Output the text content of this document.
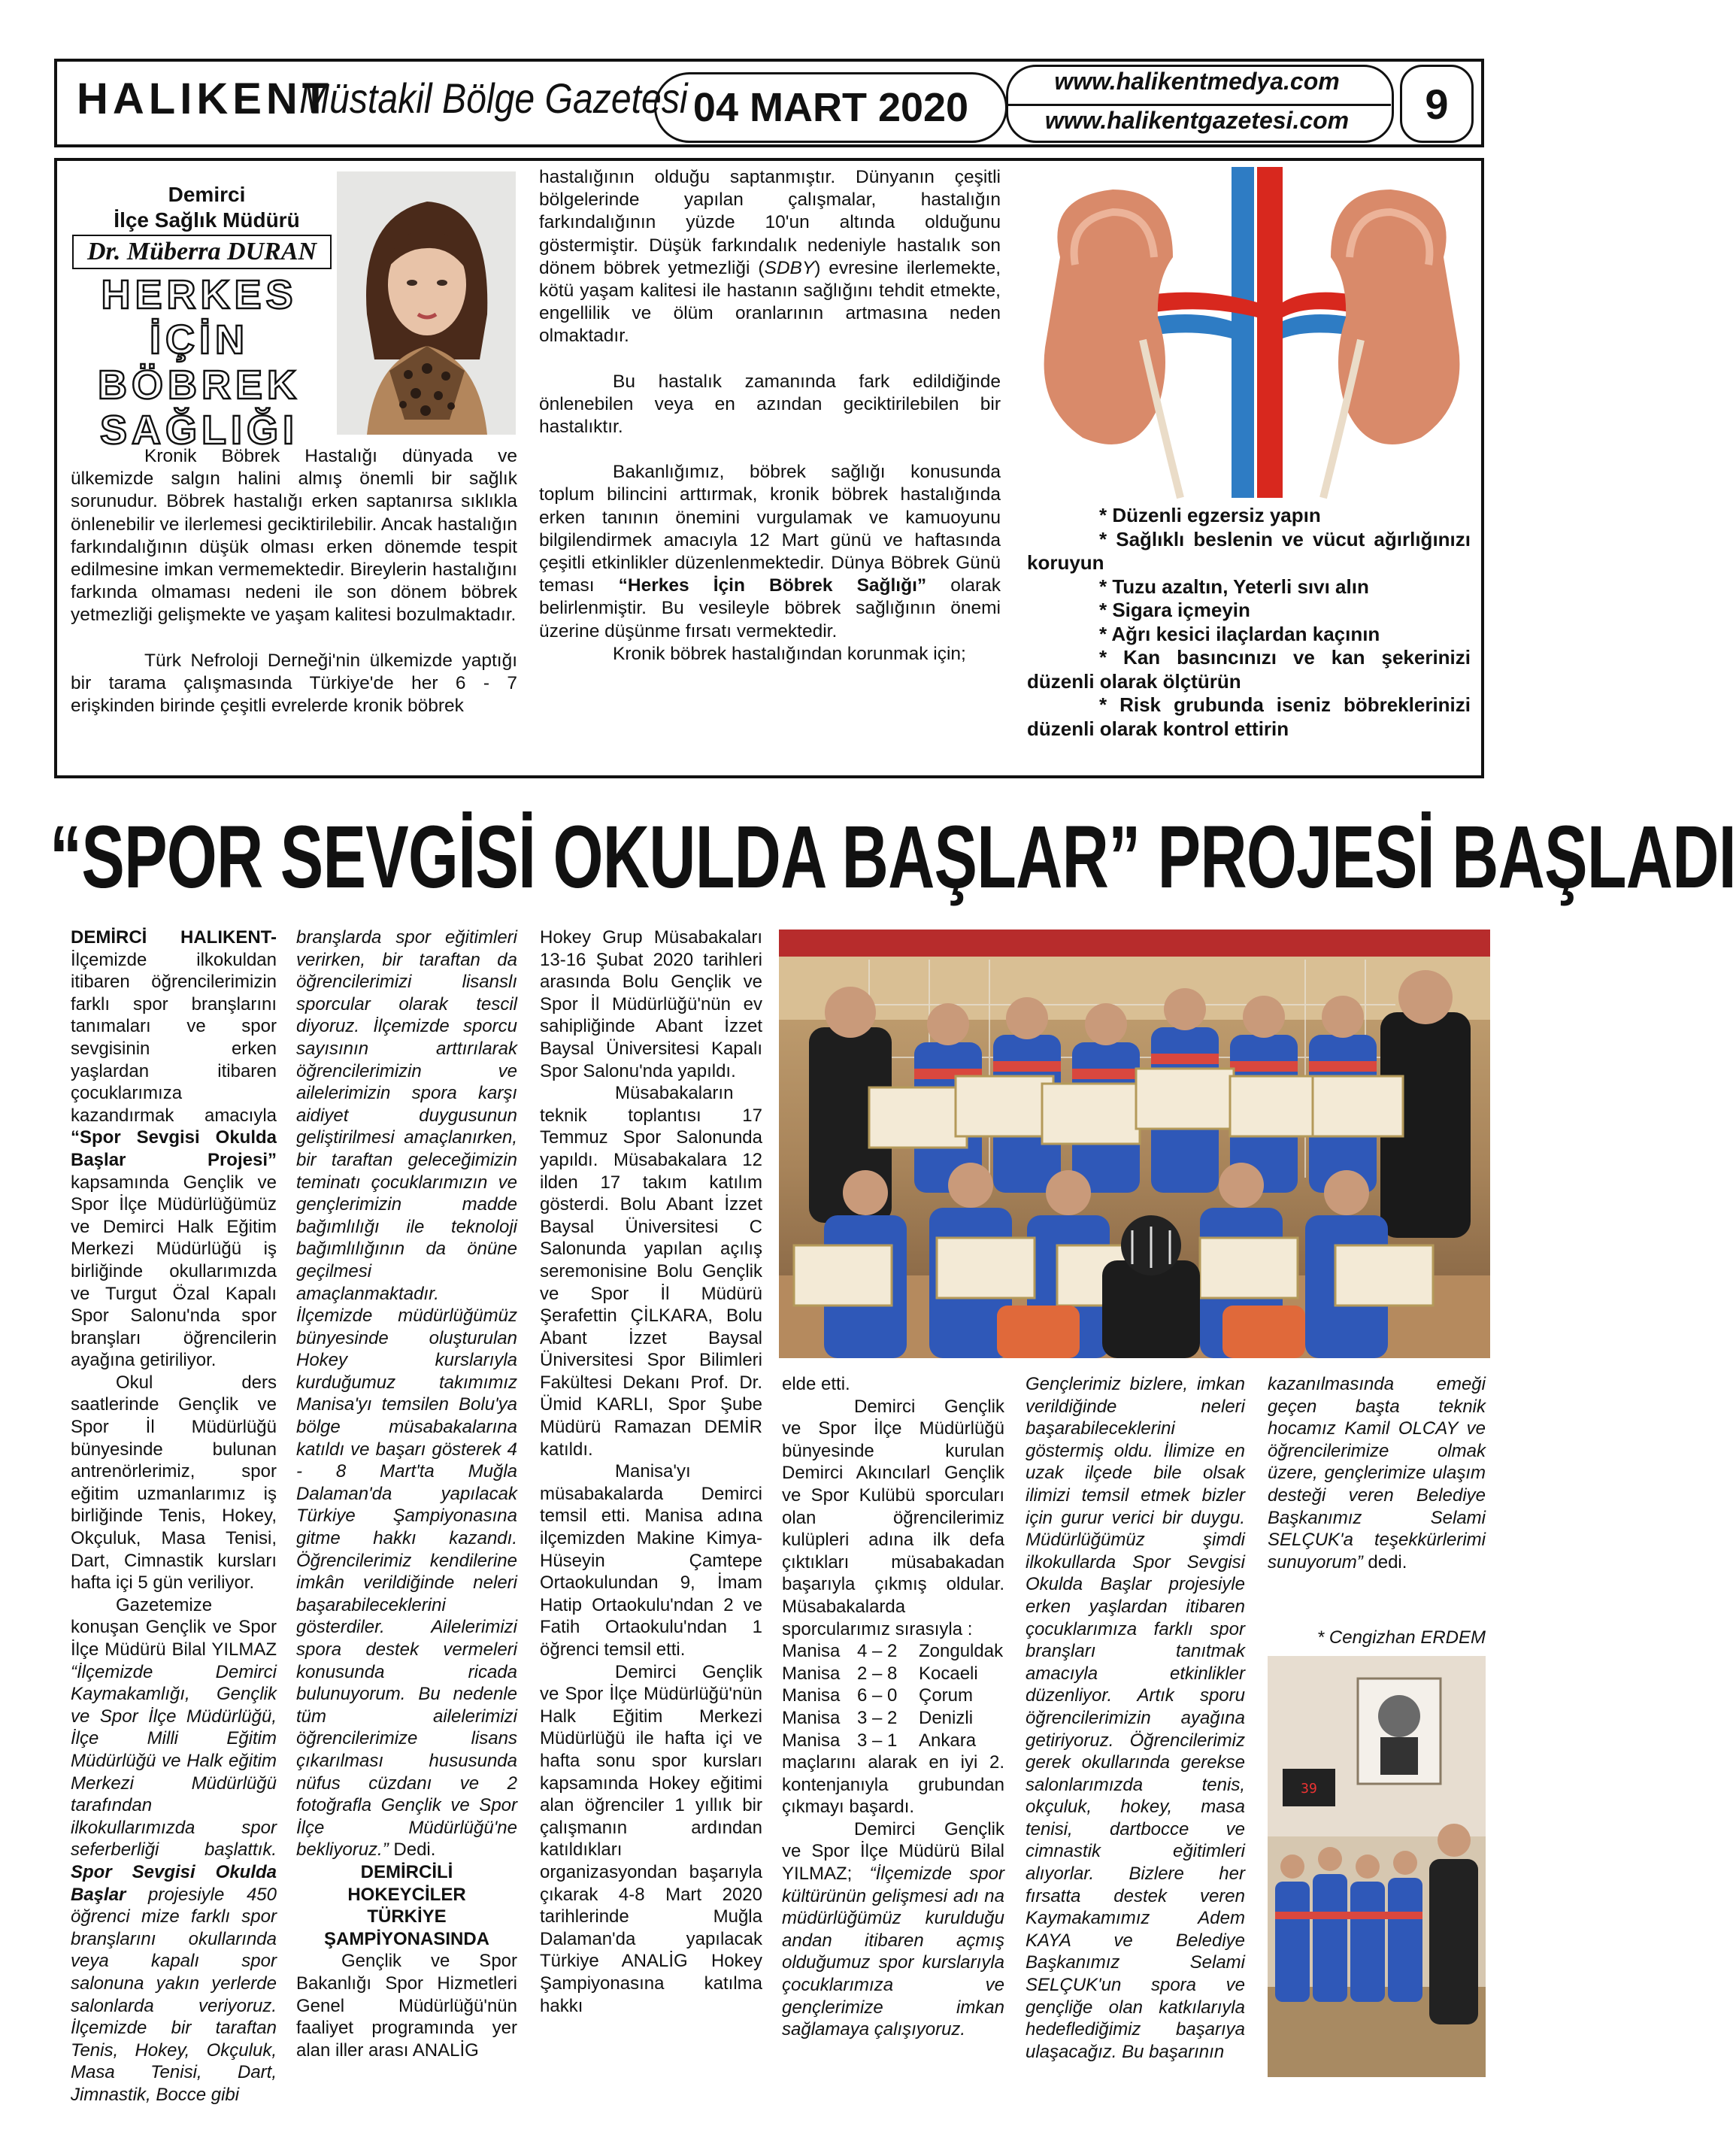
HALIKENT
Müstakil Bölge Gazetesi 04 MART 2020
www.halikentmedya.com
www.halikentgazetesi.com	9
Demirci
İlçe Sağlık Müdürü
Dr. Müberra DURAN
HERKES
İÇİN
BÖBREK
SAĞLIĞI

Kronik Böbrek Hastalığı dünyada ve ülkemizde salgın halini almış önemli bir sağlık sorunudur. Böbrek hastalığı erken saptanırsa sıklıkla önlenebilir ve ilerlemesi geciktirilebilir. Ancak hastalığın farkındalığının düşük olması erken dönemde tespit edilmesine imkan vermemektedir. Bireylerin hastalığını farkında olmaması nedeni ile son dönem böbrek yetmezliği gelişmekte ve yaşam kalitesi bozulmaktadır.

Türk Nefroloji Derneği'nin ülkemizde yaptığı bir tarama çalışmasında Türkiye'de her 6 - 7 erişkinden birinde çeşitli evrelerde kronik böbrek

hastalığının olduğu saptanmıştır. Dünyanın çeşitli bölgelerinde yapılan çalışmalar, hastalığın farkındalığının yüzde 10'un altında olduğunu göstermiştir. Düşük farkındalık nedeniyle hastalık son dönem böbrek yetmezliği (SDBY) evresine ilerlemekte, kötü yaşam kalitesi ile hastanın sağlığını tehdit etmekte, engellilik ve ölüm oranlarının artmasına neden olmaktadır.

Bu hastalık zamanında fark edildiğinde önlenebilen veya en azından geciktirilebilen bir hastalıktır.

Bakanlığımız, böbrek sağlığı konusunda toplum bilincini arttırmak, kronik böbrek hastalığında erken tanının önemini vurgulamak ve kamuoyunu bilgilendirmek amacıyla 12 Mart günü ve haftasında çeşitli etkinlikler düzenlenmektedir. Dünya Böbrek Günü teması “Herkes İçin Böbrek Sağlığı” olarak belirlenmiştir. Bu vesileyle böbrek sağlığının önemi üzerine düşünme fırsatı vermektedir.

Kronik böbrek hastalığından korunmak için;

* Düzenli egzersiz yapın
* Sağlıklı beslenin ve vücut ağırlığınızı koruyun
* Tuzu azaltın, Yeterli sıvı alın
* Sigara içmeyin
* Ağrı kesici ilaçlardan kaçının
* Kan basıncınızı ve kan şekerinizi düzenli olarak ölçtürün
* Risk grubunda iseniz böbreklerinizi düzenli olarak kontrol ettirin
“SPOR SEVGİSİ OKULDA BAŞLAR” PROJESİ BAŞLADI

DEMİRCİ HALIKENT- İlçemizde ilkokuldan itibaren öğrencilerimizin farklı spor branşlarını tanımaları ve spor sevgisinin erken yaşlardan itibaren çocuklarımıza kazandırmak amacıyla “Spor Sevgisi Okulda Başlar Projesi” kapsamında Gençlik ve Spor İlçe Müdürlüğümüz ve Demirci Halk Eğitim Merkezi Müdürlüğü iş birliğinde okullarımızda ve Turgut Özal Kapalı Spor Salonu'nda spor branşları öğrencilerin ayağına getiriliyor.

Okul ders saatlerinde Gençlik ve Spor İl Müdürlüğü bünyesinde bulunan antrenörlerimiz, spor eğitim uzmanlarımız iş birliğinde Tenis, Hokey, Okçuluk, Masa Tenisi, Dart, Cimnastik kursları hafta içi 5 gün veriliyor.

Gazetemize konuşan Gençlik ve Spor İlçe Müdürü Bilal YILMAZ “İlçemizde Demirci Kaymakamlığı, Gençlik ve Spor İlçe Müdürlüğü, İlçe Milli Eğitim Müdürlüğü ve Halk eğitim Merkezi Müdürlüğü tarafından ilkokullarımızda spor seferberliği başlattık. Spor Sevgisi Okulda Başlar projesiyle 450 öğrenci mize farklı spor branşlarını okullarında veya kapalı spor salonuna yakın yerlerde salonlarda veriyoruz. İlçemizde bir taraftan Tenis, Hokey, Okçuluk, Masa Tenisi, Dart, Jimnastik, Bocce gibi

branşlarda spor eğitimleri verirken, bir taraftan da öğrencilerimizi lisanslı sporcular olarak tescil diyoruz. İlçemizde sporcu sayısının arttırılarak öğrencilerimizin ve ailelerimizin spora karşı aidiyet duygusunun geliştirilmesi amaçlanırken, bir taraftan geleceğimizin teminatı çocuklarımızın ve gençlerimizin madde bağımlılığı ile teknoloji bağımlılığının da önüne geçilmesi amaçlanmaktadır. İlçemizde müdürlüğümüz bünyesinde oluşturulan Hokey kurslarıyla kurduğumuz takımımız Manisa'yı temsilen Bolu'ya bölge müsabakalarına katıldı ve başarı gösterek 4 - 8 Mart'ta Muğla Dalaman'da yapılacak Türkiye Şampiyonasına gitme hakkı kazandı. Öğrencilerimiz kendilerine imkân verildiğinde neleri başarabileceklerini gösterdiler. Ailelerimizi spora destek vermeleri konusunda ricada bulunuyorum. Bu nedenle tüm ailelerimizi öğrencilerimize lisans çıkarılması hususunda nüfus cüzdanı ve 2 fotoğrafla Gençlik ve Spor İlçe Müdürlüğü'ne bekliyoruz.” Dedi.

DEMİRCİLİ
HOKEYCİLER
TÜRKİYE
ŞAMPİYONASINDA

Gençlik ve Spor Bakanlığı Spor Hizmetleri Genel Müdürlüğü'nün faaliyet programında yer alan iller arası ANALİG

Hokey Grup Müsabakaları 13-16 Şubat 2020 tarihleri arasında Bolu Gençlik ve Spor İl Müdürlüğü'nün ev sahipliğinde Abant İzzet Baysal Üniversitesi Kapalı Spor Salonu'nda yapıldı.

Müsabakaların teknik toplantısı 17 Temmuz Spor Salonunda yapıldı. Müsabakalara 12 ilden 17 takım katılım gösterdi. Bolu Abant İzzet Baysal Üniversitesi C Salonunda yapılan açılış seremonisine Bolu Gençlik ve Spor İl Müdürü Şerafettin ÇİLKARA, Bolu Abant İzzet Baysal Üniversitesi Spor Bilimleri Fakültesi Dekanı Prof. Dr. Ümid KARLI, Spor Şube Müdürü Ramazan DEMİR katıldı.

Manisa'yı müsabakalarda Demirci temsil etti. Manisa adına ilçemizden Makine Kimya-Hüseyin Çamtepe Ortaokulundan 9, İmam Hatip Ortaokulu'ndan 2 ve Fatih Ortaokulu'ndan 1 öğrenci temsil etti.

Demirci Gençlik ve Spor İlçe Müdürlüğü'nün Halk Eğitim Merkezi Müdürlüğü ile hafta içi ve hafta sonu spor kursları kapsamında Hokey eğitimi alan öğrenciler 1 yıllık bir çalışmanın ardından katıldıkları organizasyondan başarıyla çıkarak 4-8 Mart 2020 tarihlerinde Muğla Dalaman'da yapılacak Türkiye ANALİG Hokey Şampiyonasına katılma hakkı

elde etti.

Demirci Gençlik ve Spor İlçe Müdürlüğü bünyesinde kurulan Demirci Akıncılarl Gençlik ve Spor Kulübü sporcuları olan öğrencilerimiz kulüpleri adına ilk defa çıktıkları müsabakadan başarıyla çıkmış oldular. Müsabakalarda sporcularımız sırasıyla :

Manisa 4 – 2 Zonguldak
Manisa 2 – 8 Kocaeli
Manisa 6 – 0 Çorum
Manisa 3 – 2 Denizli
Manisa 3 – 1 Ankara

maçlarını alarak en iyi 2. kontenjanıyla grubundan çıkmayı başardı.

Demirci Gençlik ve Spor İlçe Müdürü Bilal YILMAZ; “İlçemizde spor kültürünün gelişmesi adı na müdürlüğümüz kurulduğu andan itibaren açmış olduğumuz spor kurslarıyla çocuklarımıza ve gençlerimize imkan sağlamaya çalışıyoruz.

Gençlerimiz bizlere, imkan verildiğinde neleri başarabileceklerini göstermiş oldu. İlimize en uzak ilçede bile olsak ilimizi temsil etmek bizler için gurur verici bir duygu. Müdürlüğümüz şimdi ilkokullarda Spor Sevgisi Okulda Başlar projesiyle erken yaşlardan itibaren çocuklarımıza farklı spor branşları tanıtmak amacıyla etkinlikler düzenliyor. Artık sporu öğrencilerimizin ayağına getiriyoruz. Öğrencilerimiz gerek okullarında gerekse salonlarımızda tenis, okçuluk, hokey, masa tenisi, dartbocce ve cimnastik eğitimleri alıyorlar. Bizlere her fırsatta destek veren Kaymakamımız Adem KAYA ve Belediye Başkanımız Selami SELÇUK'un spora ve gençliğe olan katkılarıyla hedeflediğimiz başarıya ulaşacağız. Bu başarının

kazanılmasında emeği geçen başta teknik hocamız Kamil OLCAY ve öğrencilerimize olmak üzere, gençlerimize ulaşım desteği veren Belediye Başkanımız Selami SELÇUK'a teşekkürlerimi sunuyorum” dedi.

* Cengizhan ERDEM
39
